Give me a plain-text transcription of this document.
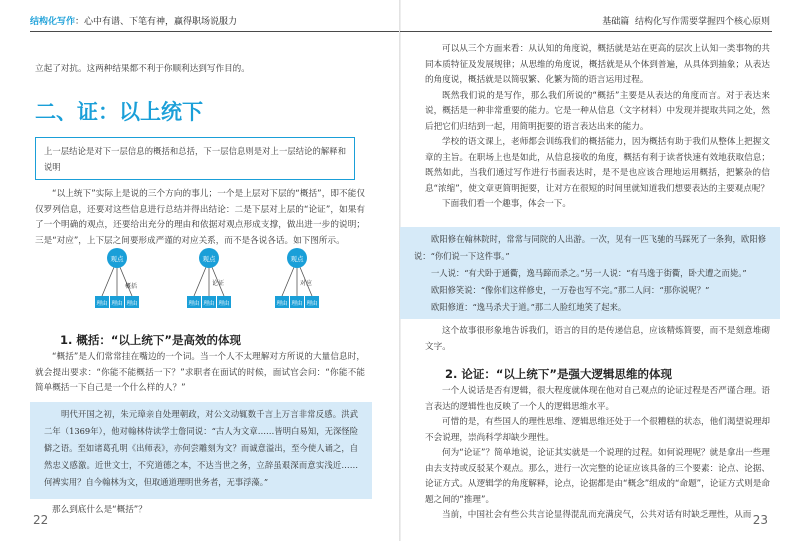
结构化写作：心中有谱、下笔有神，赢得职场说服力

立起了对抗。这两种结果都不利于你顺利达到写作目的。

二、证：以上统下

上一层结论是对下一层信息的概括和总括，下一层信息则是对上一层结论的解释和说明

“以上统下”实际上是说的三个方向的事儿；一个是上层对下层的“概括”，即不能仅仅罗列信息，还要对这些信息进行总结并得出结论：二是下层对上层的“论证”，如果有了一个明确的观点，还要给出充分的理由和依据对观点形成支撑，做出进一步的说明；三是“对应”，上下层之间要形成严谨的对应关系，而不是各说各话。如下图所示。

观点
概括
理由 理由 理由
观点
论证
理由 理由 理由
观点
对应
理由 理由 理由
1. 概括：“以上统下”是高效的体现

“概括”是人们常常挂在嘴边的一个词。当一个人不太理解对方所说的大量信息时，就会提出要求：“你能不能概括一下？”求职者在面试的时候，面试官会问：“你能不能简单概括一下自己是一个什么样的人？”

明代开国之初，朱元璋亲自处理朝政，对公文动辄数千言上万言非常反感。洪武二年（1369年），他对翰林侍读学士詹同说：“古人为文章……皆明白易知，无深怪险僻之语。至如诸葛孔明《出师表》，亦何尝雕刻为文？而诚意溢出，至今使人诵之，自然忠义感激。近世文士，不究道德之本，不达当世之务，立辞虽艰深而意实浅近……何裨实用？自今翰林为文，但取通道理明世务者，无事浮藻。”

那么到底什么是“概括”？

22
基础篇 结构化写作需要掌握四个核心原则

可以从三个方面来看：从认知的角度说，概括就是站在更高的层次上认知一类事物的共同本质特征及发展规律；从思维的角度说，概括就是从个体到普遍，从具体到抽象；从表达的角度说，概括就是以简驭繁、化繁为简的语言运用过程。

既然我们说的是写作，那么我们所说的“概括”主要是从表达的角度而言。对于表达来说，概括是一种非常重要的能力。它是一种从信息（文字材料）中发现并提取共同之处，然后把它们归结到一起，用简明扼要的语言表达出来的能力。

学校的语文课上，老师都会训练我们的概括能力，因为概括有助于我们从整体上把握文章的主旨。在职场上也是如此，从信息接收的角度，概括有利于读者快速有效地获取信息；既然如此，当我们通过写作进行书面表达时，是不是也应该合理地运用概括，把繁杂的信息“浓缩”，使文章更简明扼要，让对方在很短的时间里就知道我们想要表达的主要观点呢？

下面我们看一个趣事，体会一下。

欧阳修在翰林院时，常常与同院的人出游。一次，见有一匹飞驰的马踩死了一条狗，欧阳修说：“你们说一下这件事。”

一人说：“有犬卧于通衢，逸马蹄而杀之。”另一人说：“有马逸于街衢，卧犬遭之而毙。”

欧阳修笑说：“像你们这样修史，一万卷也写不完。”那二人问：“那你说呢？”

欧阳修道：“逸马杀犬于道。”那二人脸红地笑了起来。

这个故事很形象地告诉我们，语言的目的是传递信息，应该精炼简要，而不是刻意堆砌文字。

2. 论证：“以上统下”是强大逻辑思维的体现

一个人说话是否有逻辑，很大程度就体现在他对自己观点的论证过程是否严谨合理。语言表达的逻辑性也反映了一个人的逻辑思维水平。

可惜的是，有些国人的理性思维、逻辑思维还处于一个很糟糕的状态，他们渴望说理却不会说理，崇尚科学却缺少理性。

何为“论证”？简单地说，论证其实就是一个说理的过程。如何说理呢？就是拿出一些理由去支持或反驳某个观点。那么，进行一次完整的论证应该具备的三个要素：论点、论据、论证方式。从逻辑学的角度解释，论点，论据都是由“概念”组成的“命题”，论证方式则是命题之间的“推理”。

当前，中国社会有些公共言论显得混乱而充满戾气，公共对话有时缺乏理性，从而 23
